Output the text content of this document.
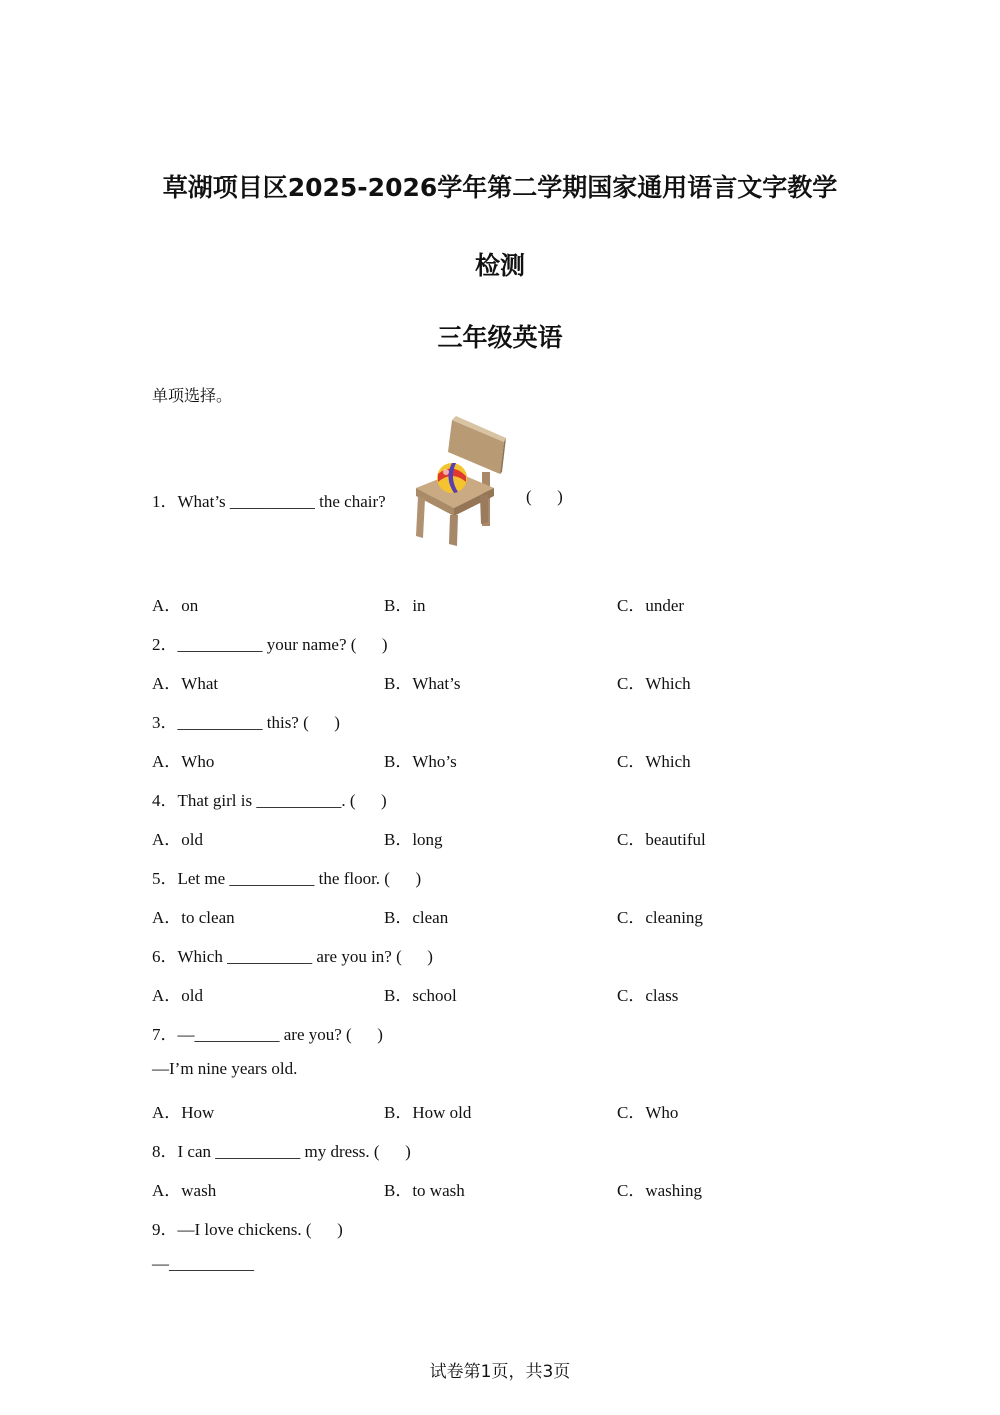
草湖项目区2025-2026学年第二学期国家通用语言文字教学
检测
三年级英语
单项选择。
1．What’s __________ the chair?	(      )
A．on	B．in	C．under
2．__________ your name? (      )
A．What	B．What’s	C．Which
3．__________ this? (      )
A．Who	B．Who’s	C．Which
4．That girl is __________. (      )
A．old	B．long	C．beautiful
5．Let me __________ the floor. (      )
A．to clean	B．clean	C．cleaning
6．Which __________ are you in? (      )
A．old	B．school	C．class
7．—__________ are you? (      )
—I’m nine years old.
A．How	B．How old	C．Who
8．I can __________ my dress. (      )
A．wash	B．to wash	C．washing
9．—I love chickens. (      )
—__________
试卷第1页，共3页
